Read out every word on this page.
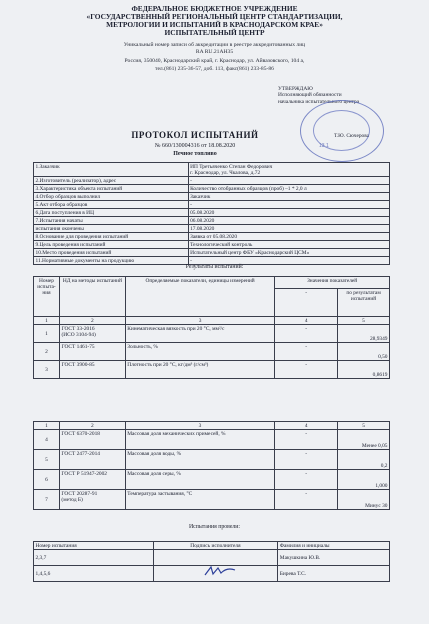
ФЕДЕРАЛЬНОЕ БЮДЖЕТНОЕ УЧРЕЖДЕНИЕ
«ГОСУДАРСТВЕННЫЙ РЕГИОНАЛЬНЫЙ ЦЕНТР СТАНДАРТИЗАЦИИ,
МЕТРОЛОГИИ И ИСПЫТАНИЙ В КРАСНОДАРСКОМ КРАЕ»
ИСПЫТАТЕЛЬНЫЙ ЦЕНТР
Уникальный номер записи об аккредитации в реестре аккредитованных лиц
RA RU.21AH35
Россия, 350040, Краснодарский край, г. Краснодар, ул. Айвазовского, 104 а,
тел.(861) 235-36-57, доб. 113, факс(861) 233-85-86
УТВЕРЖДАЮ
Исполняющий обязанности
начальника испытательного центра
Т.Ю. Сючерова
13 1
ПРОТОКОЛ ИСПЫТАНИЙ
№ 660/130004316 от 18.08.2020
Печное топливо
1.Заказчик	ИП Третьяченко Степан Федорович
г. Краснодар, ул. Чкалова, д.72
2.Изготовитель (реализатор), адрес	-
3.Характеристика объекта испытаний	Количество отобранных образцов (проб) –1 * 2,0 л
4.Отбор образцов выполнил	Заказчик
5.Акт отбора образцов	-
6.Дата поступления в ИЦ	05.08.2020
7.Испытания начаты	06.08.2020
испытания окончены	17.08.2020
8.Основание для проведения испытаний	Заявка от 05.08.2020
9.Цель проведения испытаний	Технологический контроль
10.Место проведения испытаний	Испытательный центр ФБУ «Краснодарский ЦСМ»
11.Нормативные документы на продукцию	-
Результаты испытаний:
Номер испыта-ния	НД на методы испытаний	Определяемые показатели, единицы измерений	Значения показателей	
			-	по результатам испытаний
1	2	3	4	5
1	ГОСТ 33-2016
(ИСО 3104-94)	Кинематическая вязкость при 20 °С, мм²/с	-	28,9349
2	ГОСТ 1461-75	Зольность, %	-	0,50
3	ГОСТ 3900-85	Плотность при 20 °С, кг/дм³ (г/см³)	-	0,8619
1	2	3	4	5
4	ГОСТ 6370-2018	Массовая доля механических примесей, %	-	Менее 0,05
5	ГОСТ 2477-2014	Массовая доля воды, %	-	0,2
6	ГОСТ Р 51947-2002	Массовая доля серы, %	-	1,000
7	ГОСТ 20287-91
(метод Б)	Температура застывания, °С	-	Минус 30
Испытания провели:
Номер испытания	Подпись исполнителя	Фамилия и инициалы
2,3,7		Макушкина Ю.В.
1,4,5,6		Бирева Т.С.
